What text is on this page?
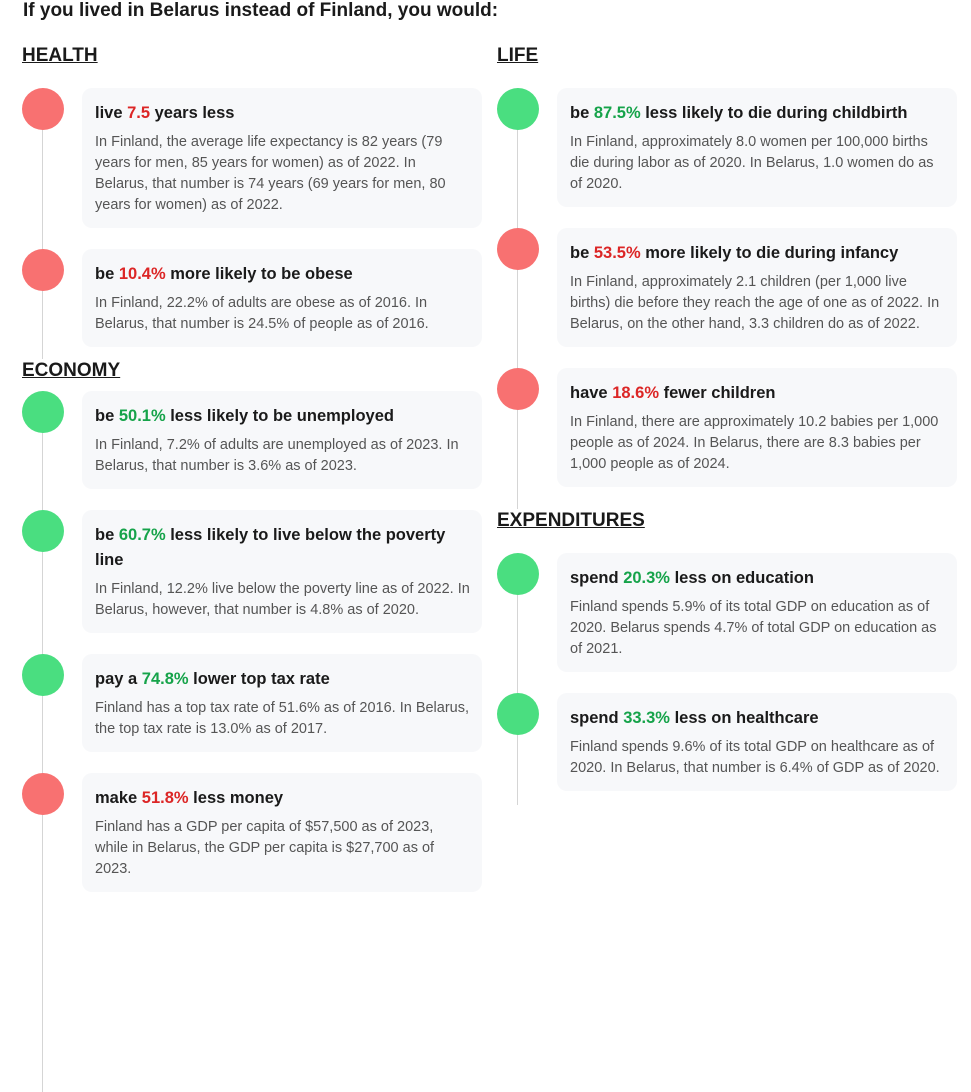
If you lived in Belarus instead of Finland, you would:
HEALTH

live 7.5 years less

In Finland, the average life expectancy is 82 years (79 years for men, 85 years for women) as of 2022. In Belarus, that number is 74 years (69 years for men, 80 years for women) as of 2022.

be 10.4% more likely to be obese

In Finland, 22.2% of adults are obese as of 2016. In Belarus, that number is 24.5% of people as of 2016.

ECONOMY

be 50.1% less likely to be unemployed

In Finland, 7.2% of adults are unemployed as of 2023. In Belarus, that number is 3.6% as of 2023.

be 60.7% less likely to live below the poverty line

In Finland, 12.2% live below the poverty line as of 2022. In Belarus, however, that number is 4.8% as of 2020.

pay a 74.8% lower top tax rate

Finland has a top tax rate of 51.6% as of 2016. In Belarus, the top tax rate is 13.0% as of 2017.

make 51.8% less money

Finland has a GDP per capita of $57,500 as of 2023, while in Belarus, the GDP per capita is $27,700 as of 2023.

LIFE

be 87.5% less likely to die during childbirth

In Finland, approximately 8.0 women per 100,000 births die during labor as of 2020. In Belarus, 1.0 women do as of 2020.

be 53.5% more likely to die during infancy

In Finland, approximately 2.1 children (per 1,000 live births) die before they reach the age of one as of 2022. In Belarus, on the other hand, 3.3 children do as of 2022.

have 18.6% fewer children

In Finland, there are approximately 10.2 babies per 1,000 people as of 2024. In Belarus, there are 8.3 babies per 1,000 people as of 2024.

EXPENDITURES

spend 20.3% less on education

Finland spends 5.9% of its total GDP on education as of 2020. Belarus spends 4.7% of total GDP on education as of 2021.

spend 33.3% less on healthcare

Finland spends 9.6% of its total GDP on healthcare as of 2020. In Belarus, that number is 6.4% of GDP as of 2020.
